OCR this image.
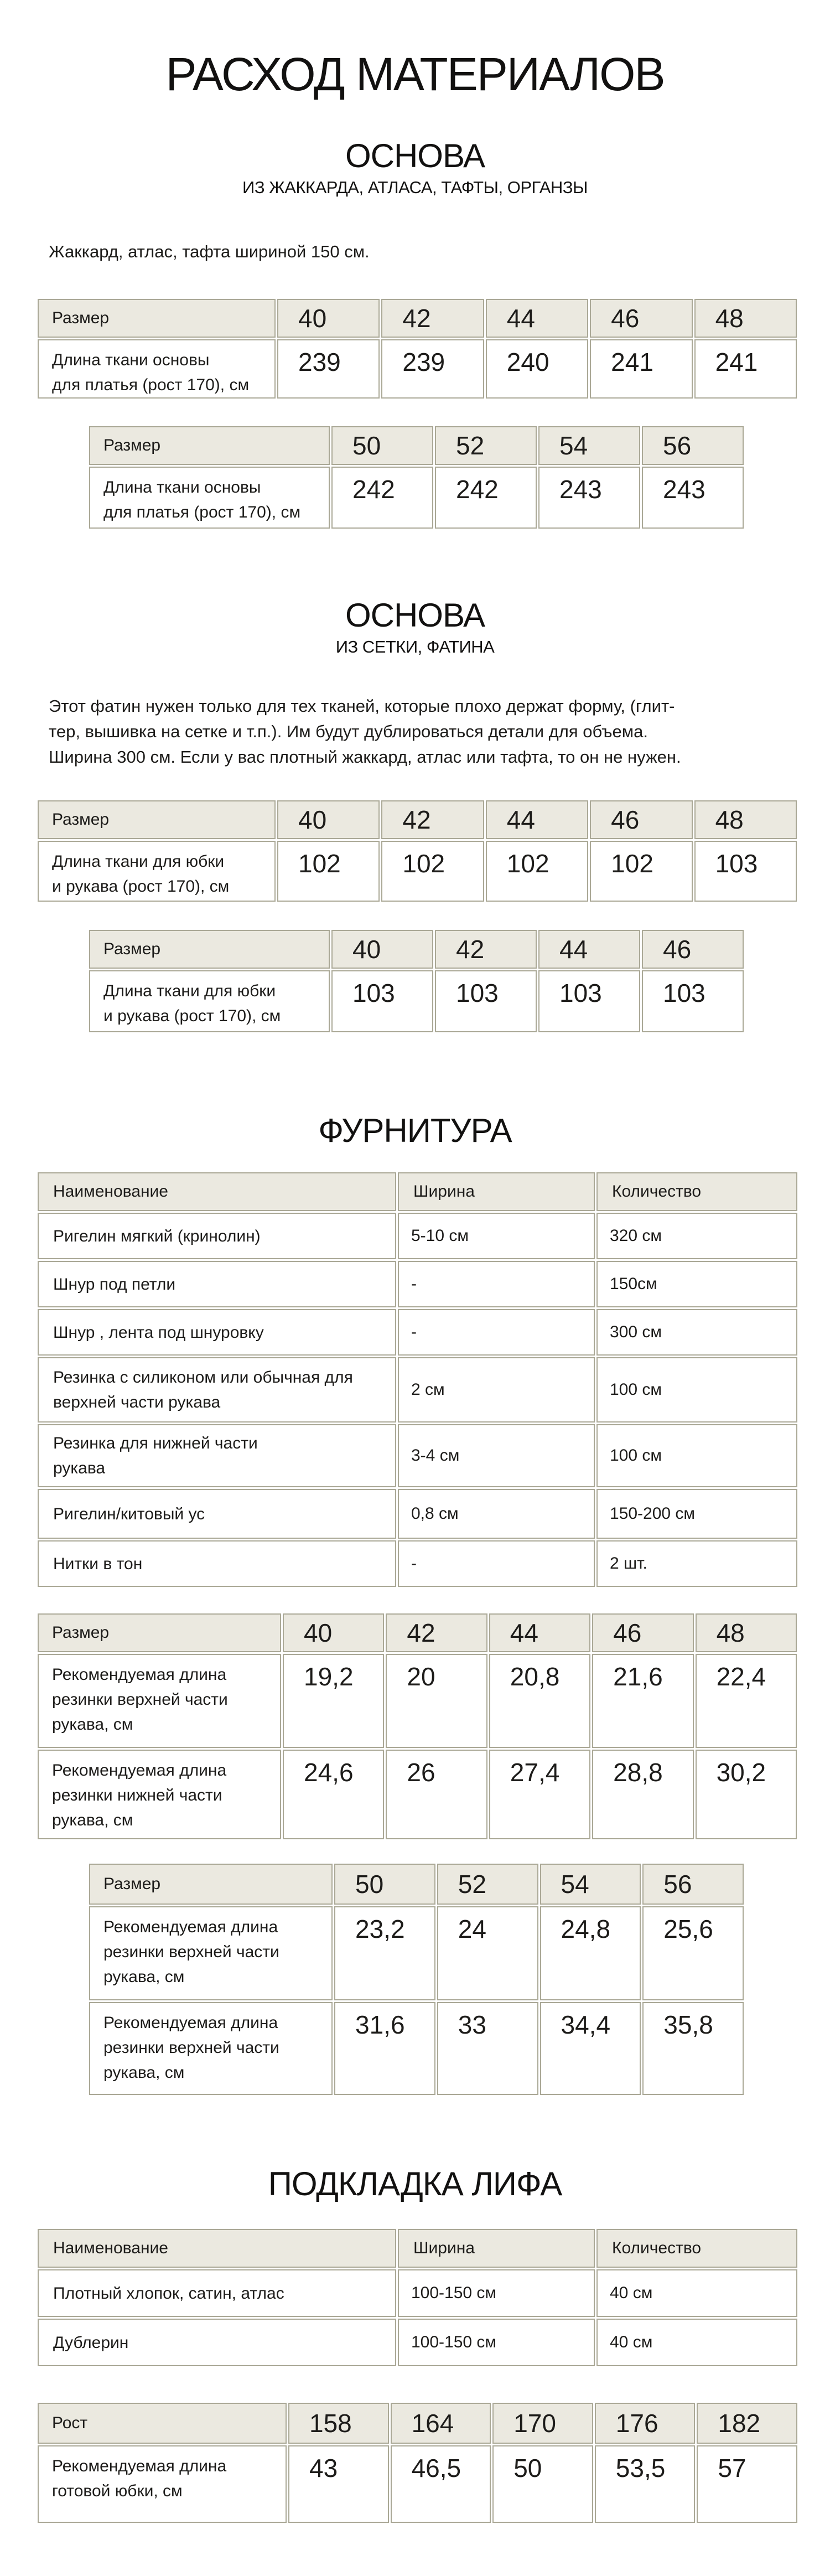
РАСХОД МАТЕРИАЛОВ
ОСНОВА
ИЗ ЖАККАРДА, АТЛАСА, ТАФТЫ, ОРГАНЗЫ

Жаккард, атлас, тафта шириной 150 см.

Размер	40	42	44	46	48

Длина ткани основы
для платья (рост 170), см	239	239	240	241	241
Размер	50	52	54	56

Длина ткани основы
для платья (рост 170), см	242	242	243	243
ОСНОВА
ИЗ СЕТКИ, ФАТИНА

Этот фатин нужен только для тех тканей, которые плохо держат форму, (глит-
тер, вышивка на сетке и т.п.). Им будут дублироваться детали для объема.
Ширина 300 см. Если у вас плотный жаккард, атлас или тафта, то он не нужен.

Размер	40	42	44	46	48

Длина ткани для юбки
и рукава (рост 170), см	102	102	102	102	103
Размер	40	42	44	46

Длина ткани для юбки
и рукава (рост 170), см	103	103	103	103
ФУРНИТУРА
Наименование	Ширина	Количество

Ригелин мягкий (кринолин)	5-10 см	320 см

Шнур под петли	-	150см

Шнур , лента под шнуровку	-	300 см

Резинка с силиконом или обычная для
верхней части рукава	2 см	100 см

Резинка для нижней части
рукава	3-4 см	100 см

Ригелин/китовый ус	0,8 см	150-200 см

Нитки в тон	-	2 шт.
Размер	40	42	44	46	48

Рекомендуемая длина
резинки верхней части
рукава, см	19,2	20	20,8	21,6	22,4

Рекомендуемая длина
резинки нижней части
рукава, см	24,6	26	27,4	28,8	30,2
Размер	50	52	54	56

Рекомендуемая длина
резинки верхней части
рукава, см	23,2	24	24,8	25,6

Рекомендуемая длина
резинки верхней части
рукава, см	31,6	33	34,4	35,8
ПОДКЛАДКА ЛИФА
Наименование	Ширина	Количество

Плотный хлопок, сатин, атлас	100-150 см	40 см

Дублерин	100-150 см	40 см
Рост	158	164	170	176	182

Рекомендуемая длина
готовой юбки, см	43	46,5	50	53,5	57
